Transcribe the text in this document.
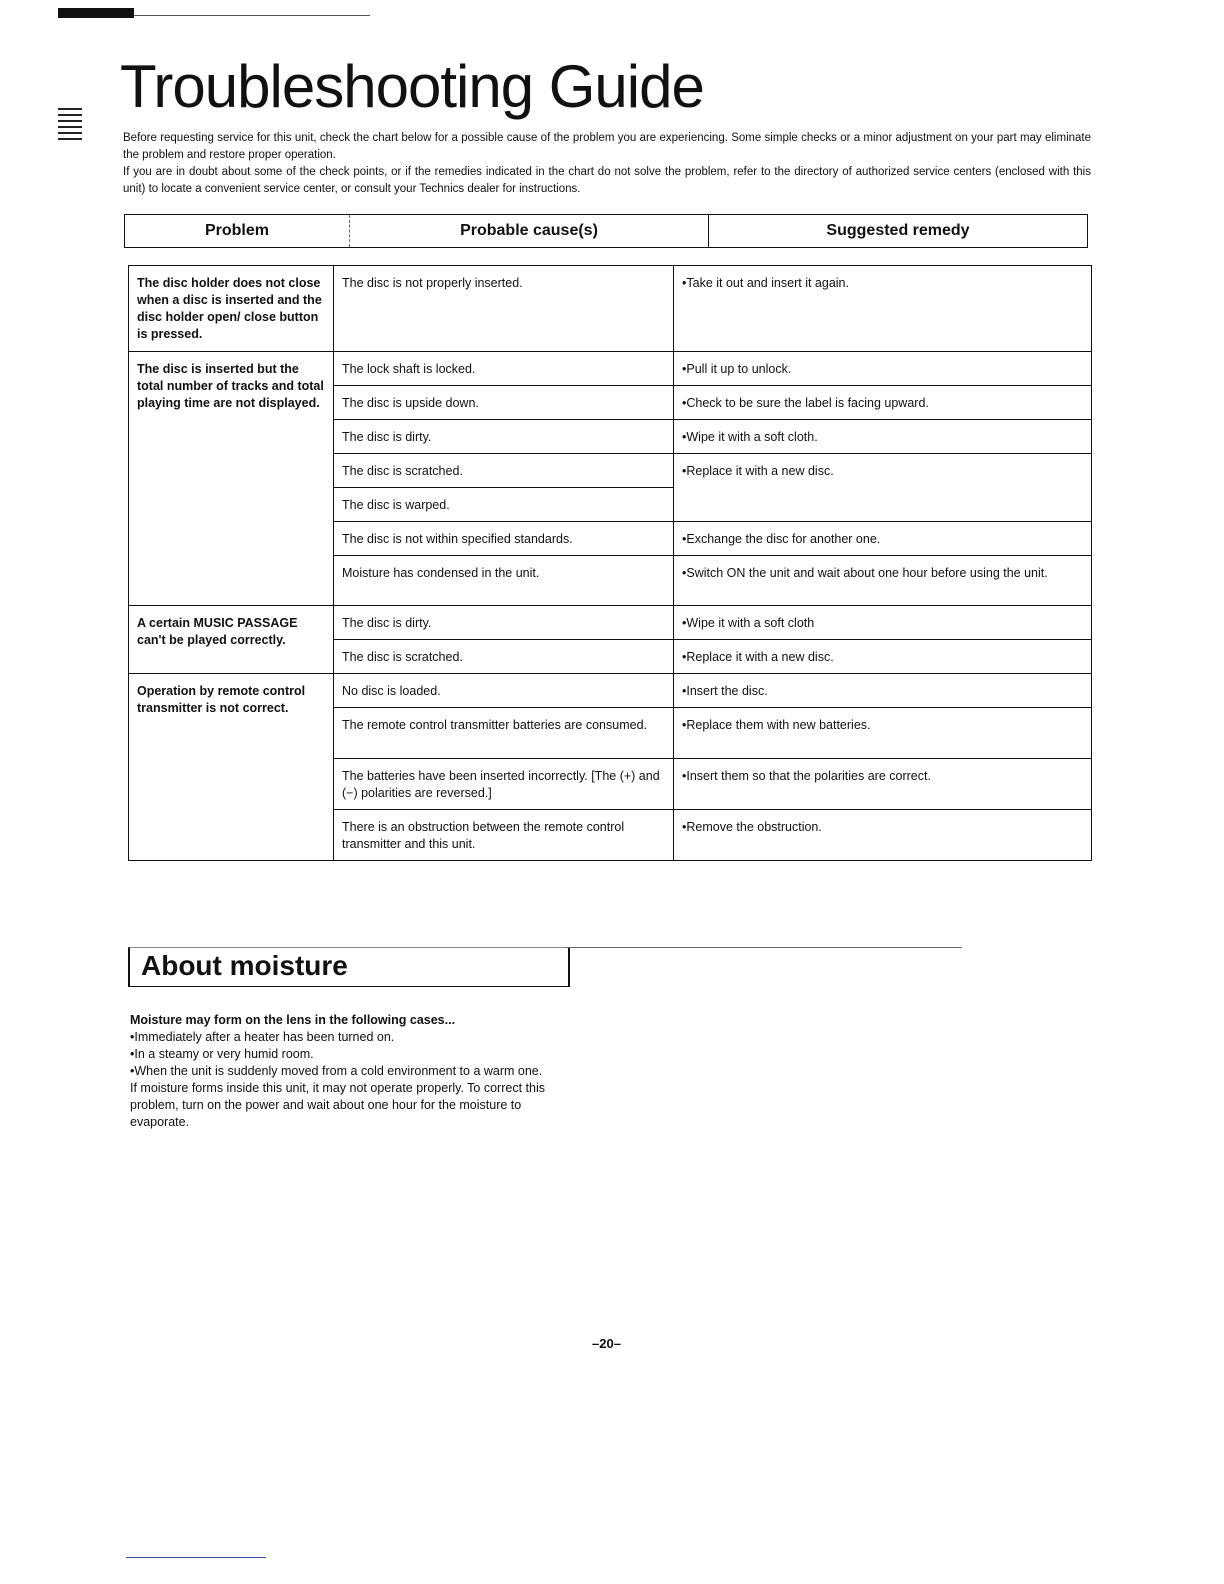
Troubleshooting Guide

Before requesting service for this unit, check the chart below for a possible cause of the problem you are experiencing. Some simple checks or a minor adjustment on your part may eliminate the problem and restore proper operation.

If you are in doubt about some of the check points, or if the remedies indicated in the chart do not solve the problem, refer to the directory of authorized service centers (enclosed with this unit) to locate a convenient service center, or consult your Technics dealer for instructions.

Problem	Probable cause(s)	Suggested remedy
The disc holder does not close when a disc is inserted and the disc holder open/ close button is pressed.	The disc is not properly inserted.	•Take it out and insert it again.
The disc is inserted but the total number of tracks and total playing time are not displayed.	The lock shaft is locked.	•Pull it up to unlock.
	The disc is upside down.	•Check to be sure the label is facing upward.
	The disc is dirty.	•Wipe it with a soft cloth.
	The disc is scratched.	•Replace it with a new disc.
	The disc is warped.	
	The disc is not within specified standards.	•Exchange the disc for another one.
	Moisture has condensed in the unit.	•Switch ON the unit and wait about one hour before using the unit.
A certain MUSIC PASSAGE can't be played correctly.	The disc is dirty.	•Wipe it with a soft cloth
	The disc is scratched.	•Replace it with a new disc.
Operation by remote control transmitter is not correct.	No disc is loaded.	•Insert the disc.
	The remote control transmitter batteries are consumed.	•Replace them with new batteries.
	The batteries have been inserted incorrectly. [The (+) and (−) polarities are reversed.]	•Insert them so that the polarities are correct.
	There is an obstruction between the remote control transmitter and this unit.	•Remove the obstruction.
About moisture

Moisture may form on the lens in the following cases...

•Immediately after a heater has been turned on.

•In a steamy or very humid room.

•When the unit is suddenly moved from a cold environment to a warm one.

If moisture forms inside this unit, it may not operate properly. To correct this problem, turn on the power and wait about one hour for the moisture to evaporate.

–20–
